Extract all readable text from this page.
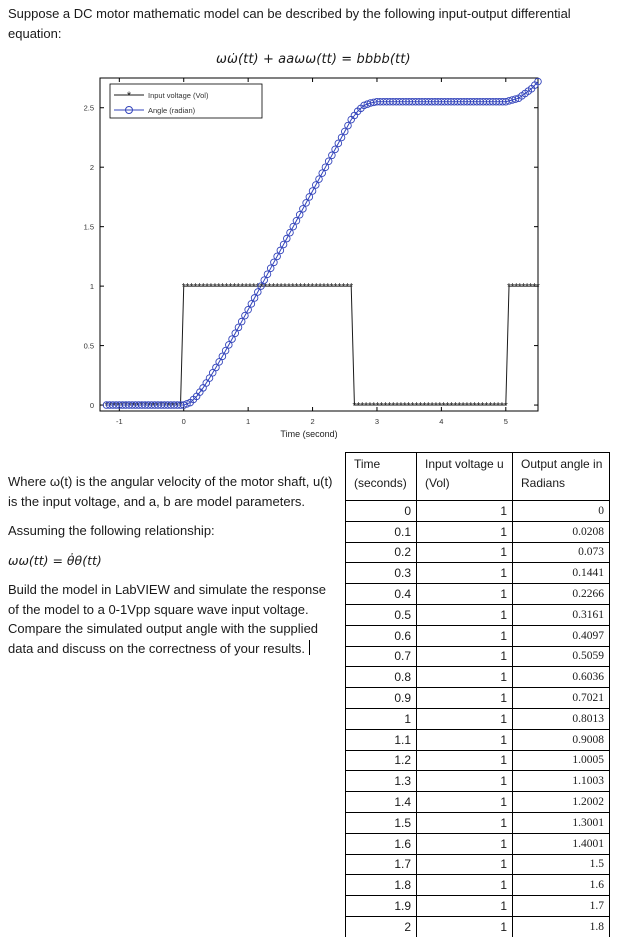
Suppose a DC motor mathematic model can be described by the following input-output differential equation:
ωω̇(tt) + aaωω(tt) = bbbb(tt)
0
0.5
1
1.5
2
2.5
-1	0	1	2	3	4	5
* * * * * * * * * * * * * * * * * * * *
* * * * * * * * * * * * * * * * * * * * * * * * * * * * * * * * * * * * * * * * * * * *
* * * * * * * * * * * * * * * * * * * * * * * * * * * * * * * * * * * * * * * *
* * * * * * * * *
* Input voltage (Vol)
Angle (radian)
Time (second)

Where ω(t) is the angular velocity of the motor shaft, u(t) is the input voltage, and a, b are model parameters.

Assuming the following relationship:

ωω(tt) = θ̇θ(tt)

Build the model in LabVIEW and simulate the response of the model to a 0-1Vpp square wave input voltage. Compare the simulated output angle with the supplied data and discuss on the correctness of your results.

Time (seconds)	Input voltage u (Vol)	Output angle in Radians
0	1	0
0.1	1	0.0208
0.2	1	0.073
0.3	1	0.1441
0.4	1	0.2266
0.5	1	0.3161
0.6	1	0.4097
0.7	1	0.5059
0.8	1	0.6036
0.9	1	0.7021
1	1	0.8013
1.1	1	0.9008
1.2	1	1.0005
1.3	1	1.1003
1.4	1	1.2002
1.5	1	1.3001
1.6	1	1.4001
1.7	1	1.5
1.8	1	1.6
1.9	1	1.7
2	1	1.8
